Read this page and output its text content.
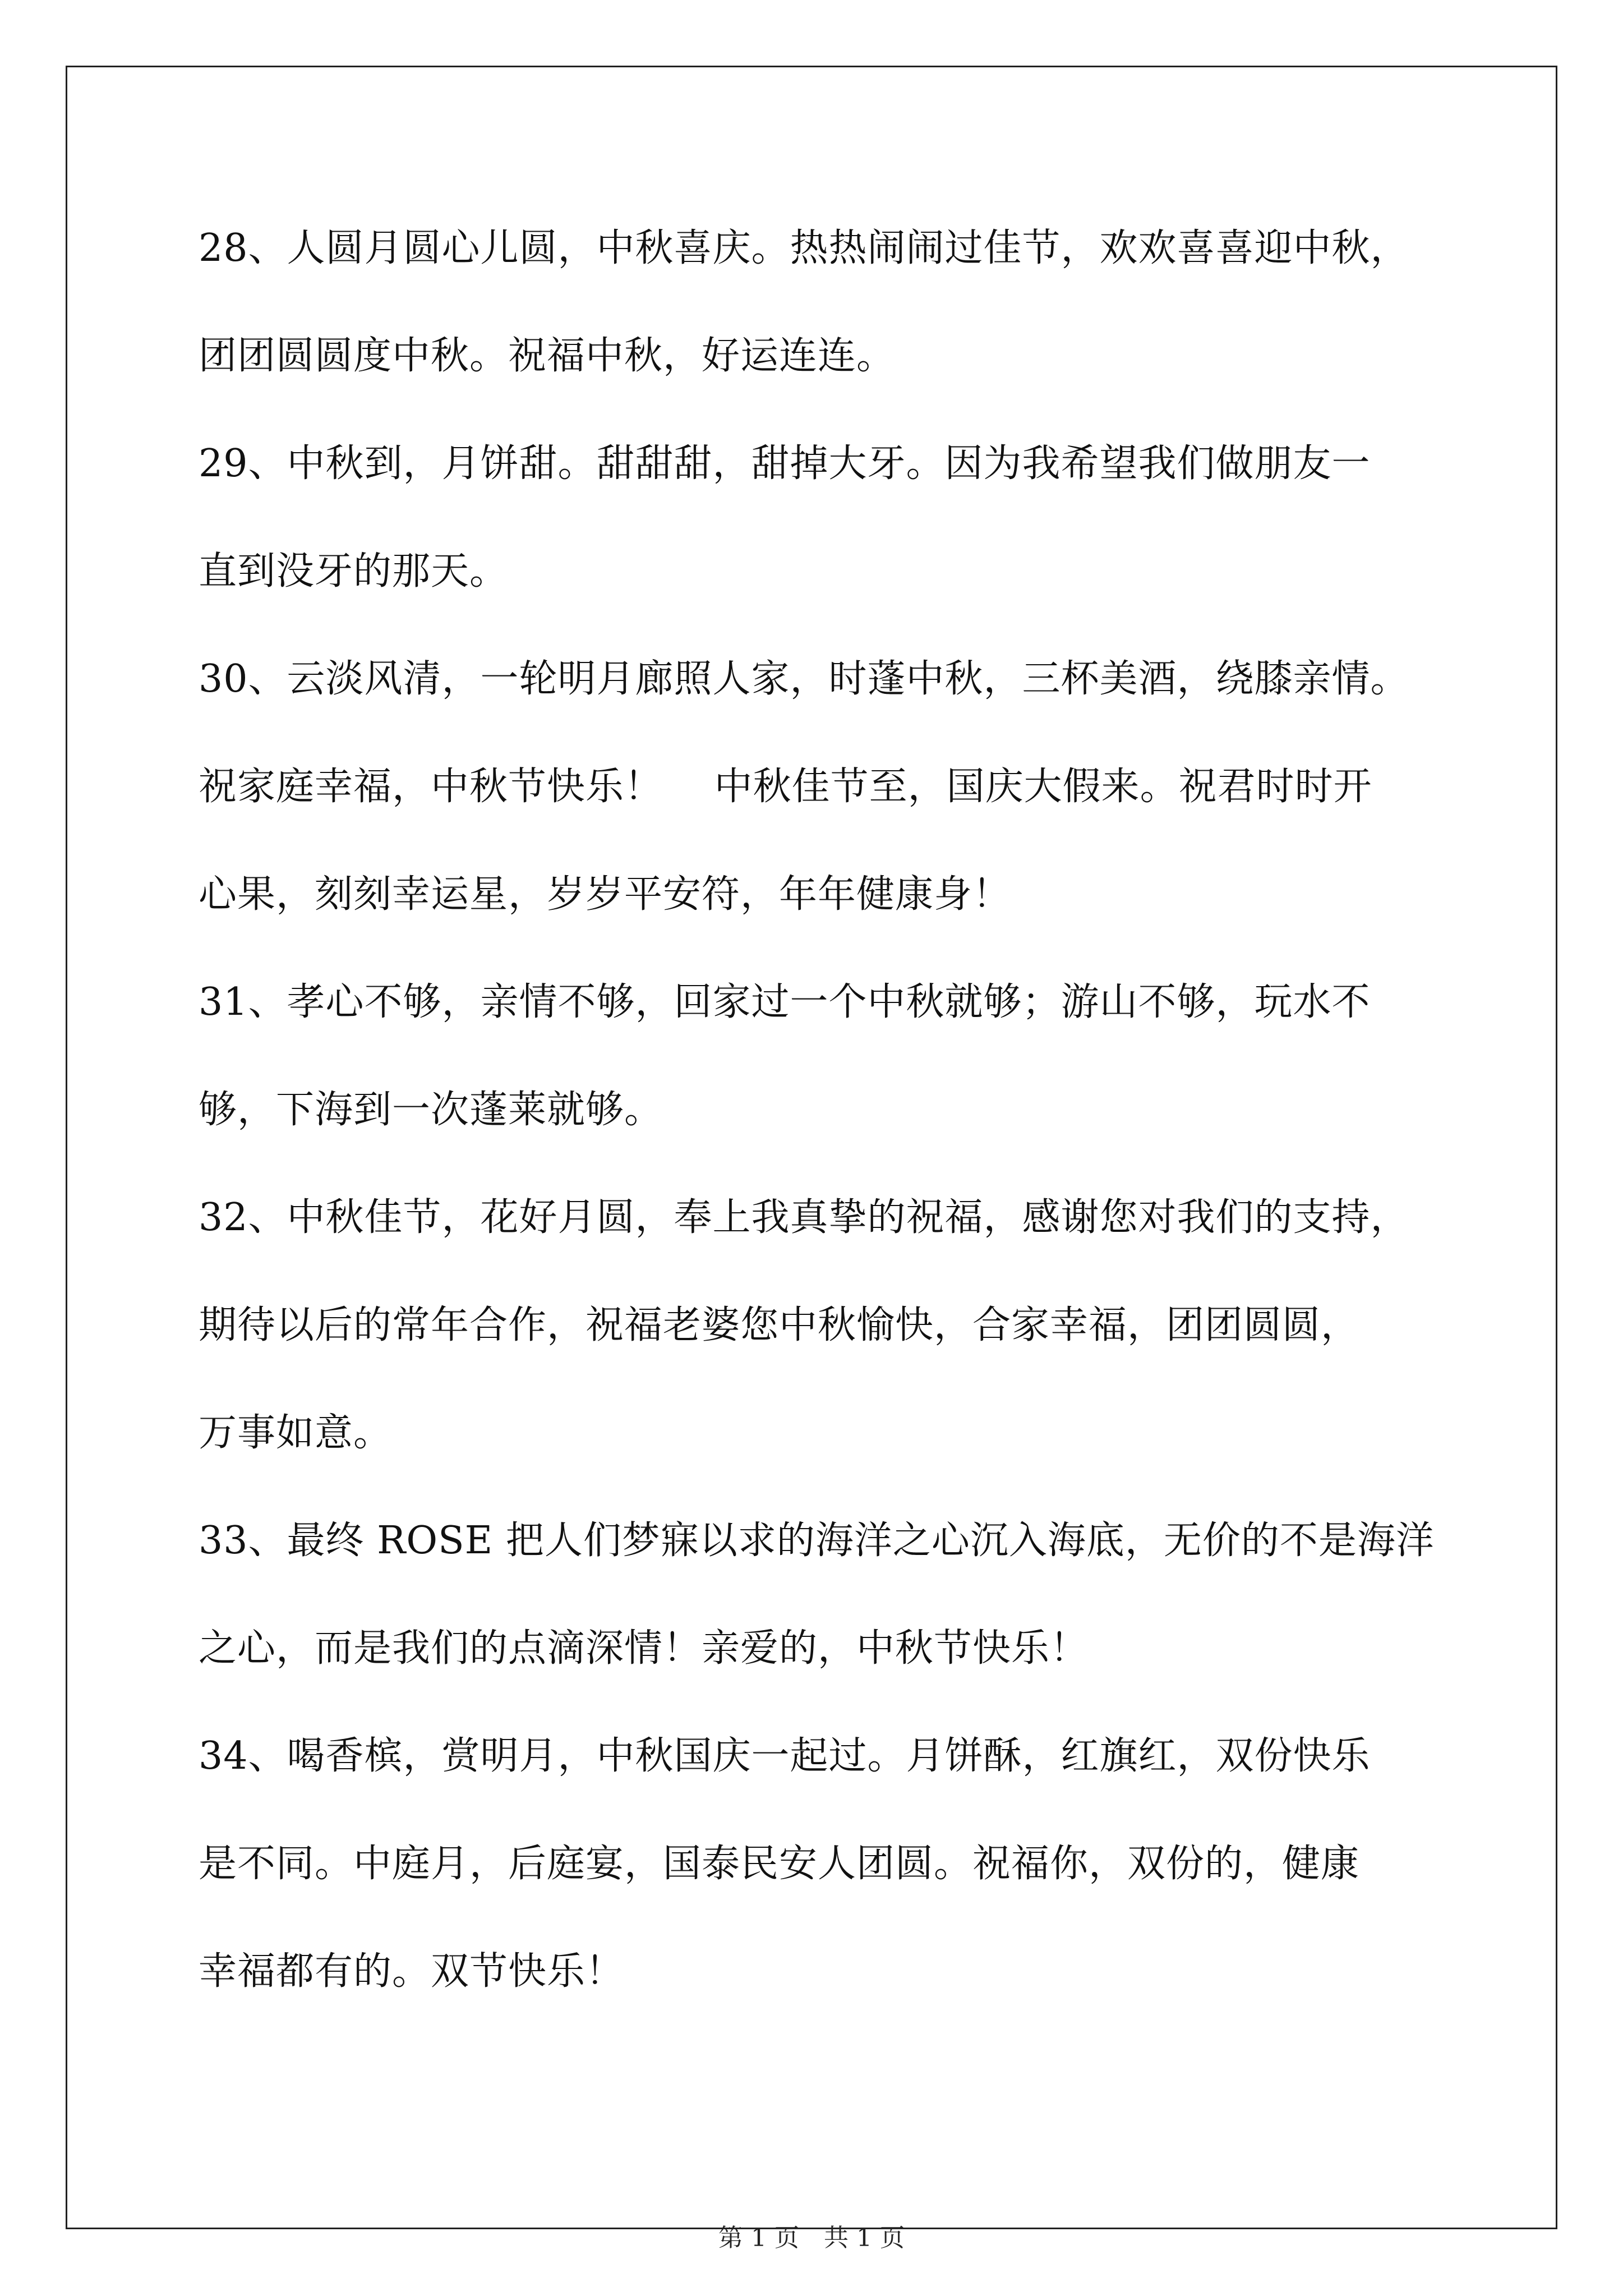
28、人圆月圆心儿圆，中秋喜庆。热热闹闹过佳节，欢欢喜喜迎中秋，
团团圆圆度中秋。祝福中秋，好运连连。
29、中秋到，月饼甜。甜甜甜，甜掉大牙。因为我希望我们做朋友一
直到没牙的那天。
30、云淡风清，一轮明月廊照人家，时蓬中秋，三杯美酒，绕膝亲情。
祝家庭幸福，中秋节快乐！　 中秋佳节至，国庆大假来。祝君时时开
心果，刻刻幸运星，岁岁平安符，年年健康身！
31、孝心不够，亲情不够，回家过一个中秋就够；游山不够，玩水不
够，下海到一次蓬莱就够。
32、中秋佳节，花好月圆，奉上我真挚的祝福，感谢您对我们的支持，
期待以后的常年合作，祝福老婆您中秋愉快，合家幸福，团团圆圆，
万事如意。
33、最终 ROSE 把人们梦寐以求的海洋之心沉入海底，无价的不是海洋
之心，而是我们的点滴深情！亲爱的，中秋节快乐！
34、喝香槟，赏明月，中秋国庆一起过。月饼酥，红旗红，双份快乐
是不同。中庭月，后庭宴，国泰民安人团圆。祝福你，双份的，健康
幸福都有的。双节快乐！
第 1 页　共 1 页
